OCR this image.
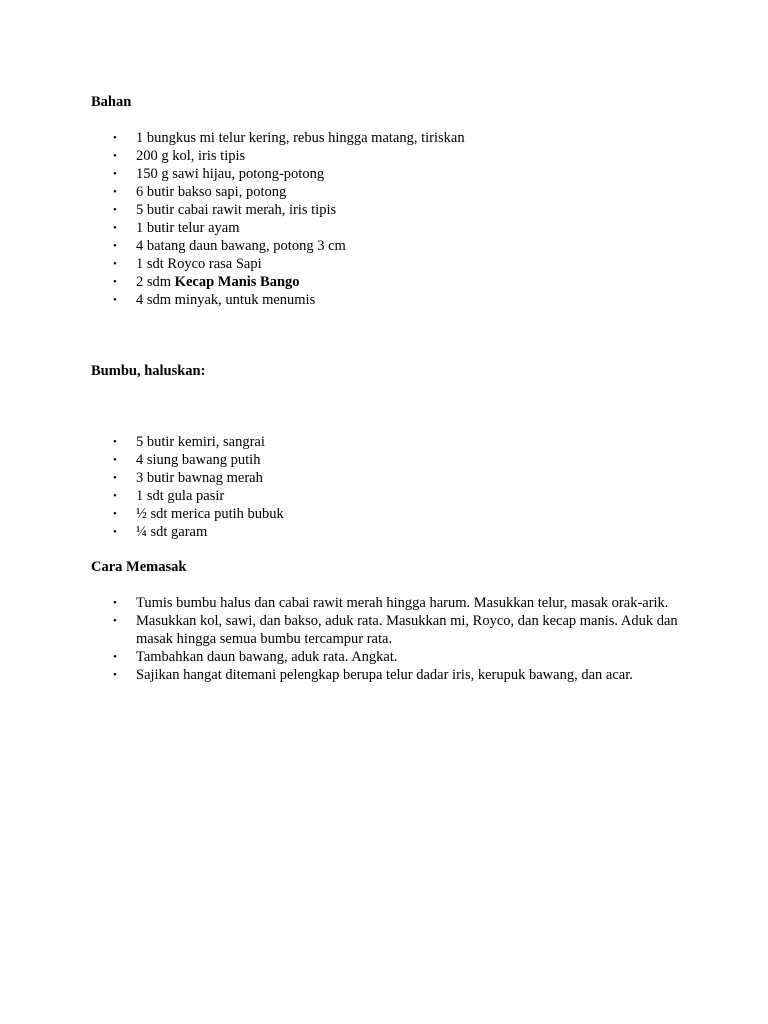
Bahan

• 1 bungkus mi telur kering, rebus hingga matang, tiriskan
• 200 g kol, iris tipis
• 150 g sawi hijau, potong-potong
• 6 butir bakso sapi, potong
• 5 butir cabai rawit merah, iris tipis
• 1 butir telur ayam
• 4 batang daun bawang, potong 3 cm
• 1 sdt Royco rasa Sapi
• 2 sdm Kecap Manis Bango
• 4 sdm minyak, untuk menumis

Bumbu, haluskan:

• 5 butir kemiri, sangrai
• 4 siung bawang putih
• 3 butir bawnag merah
• 1 sdt gula pasir
• ½ sdt merica putih bubuk
• ¼ sdt garam

Cara Memasak

• Tumis bumbu halus dan cabai rawit merah hingga harum. Masukkan telur, masak orak-arik.
• Masukkan kol, sawi, dan bakso, aduk rata. Masukkan mi, Royco, dan kecap manis. Aduk dan masak hingga semua bumbu tercampur rata.
• Tambahkan daun bawang, aduk rata. Angkat.
• Sajikan hangat ditemani pelengkap berupa telur dadar iris, kerupuk bawang, dan acar.
